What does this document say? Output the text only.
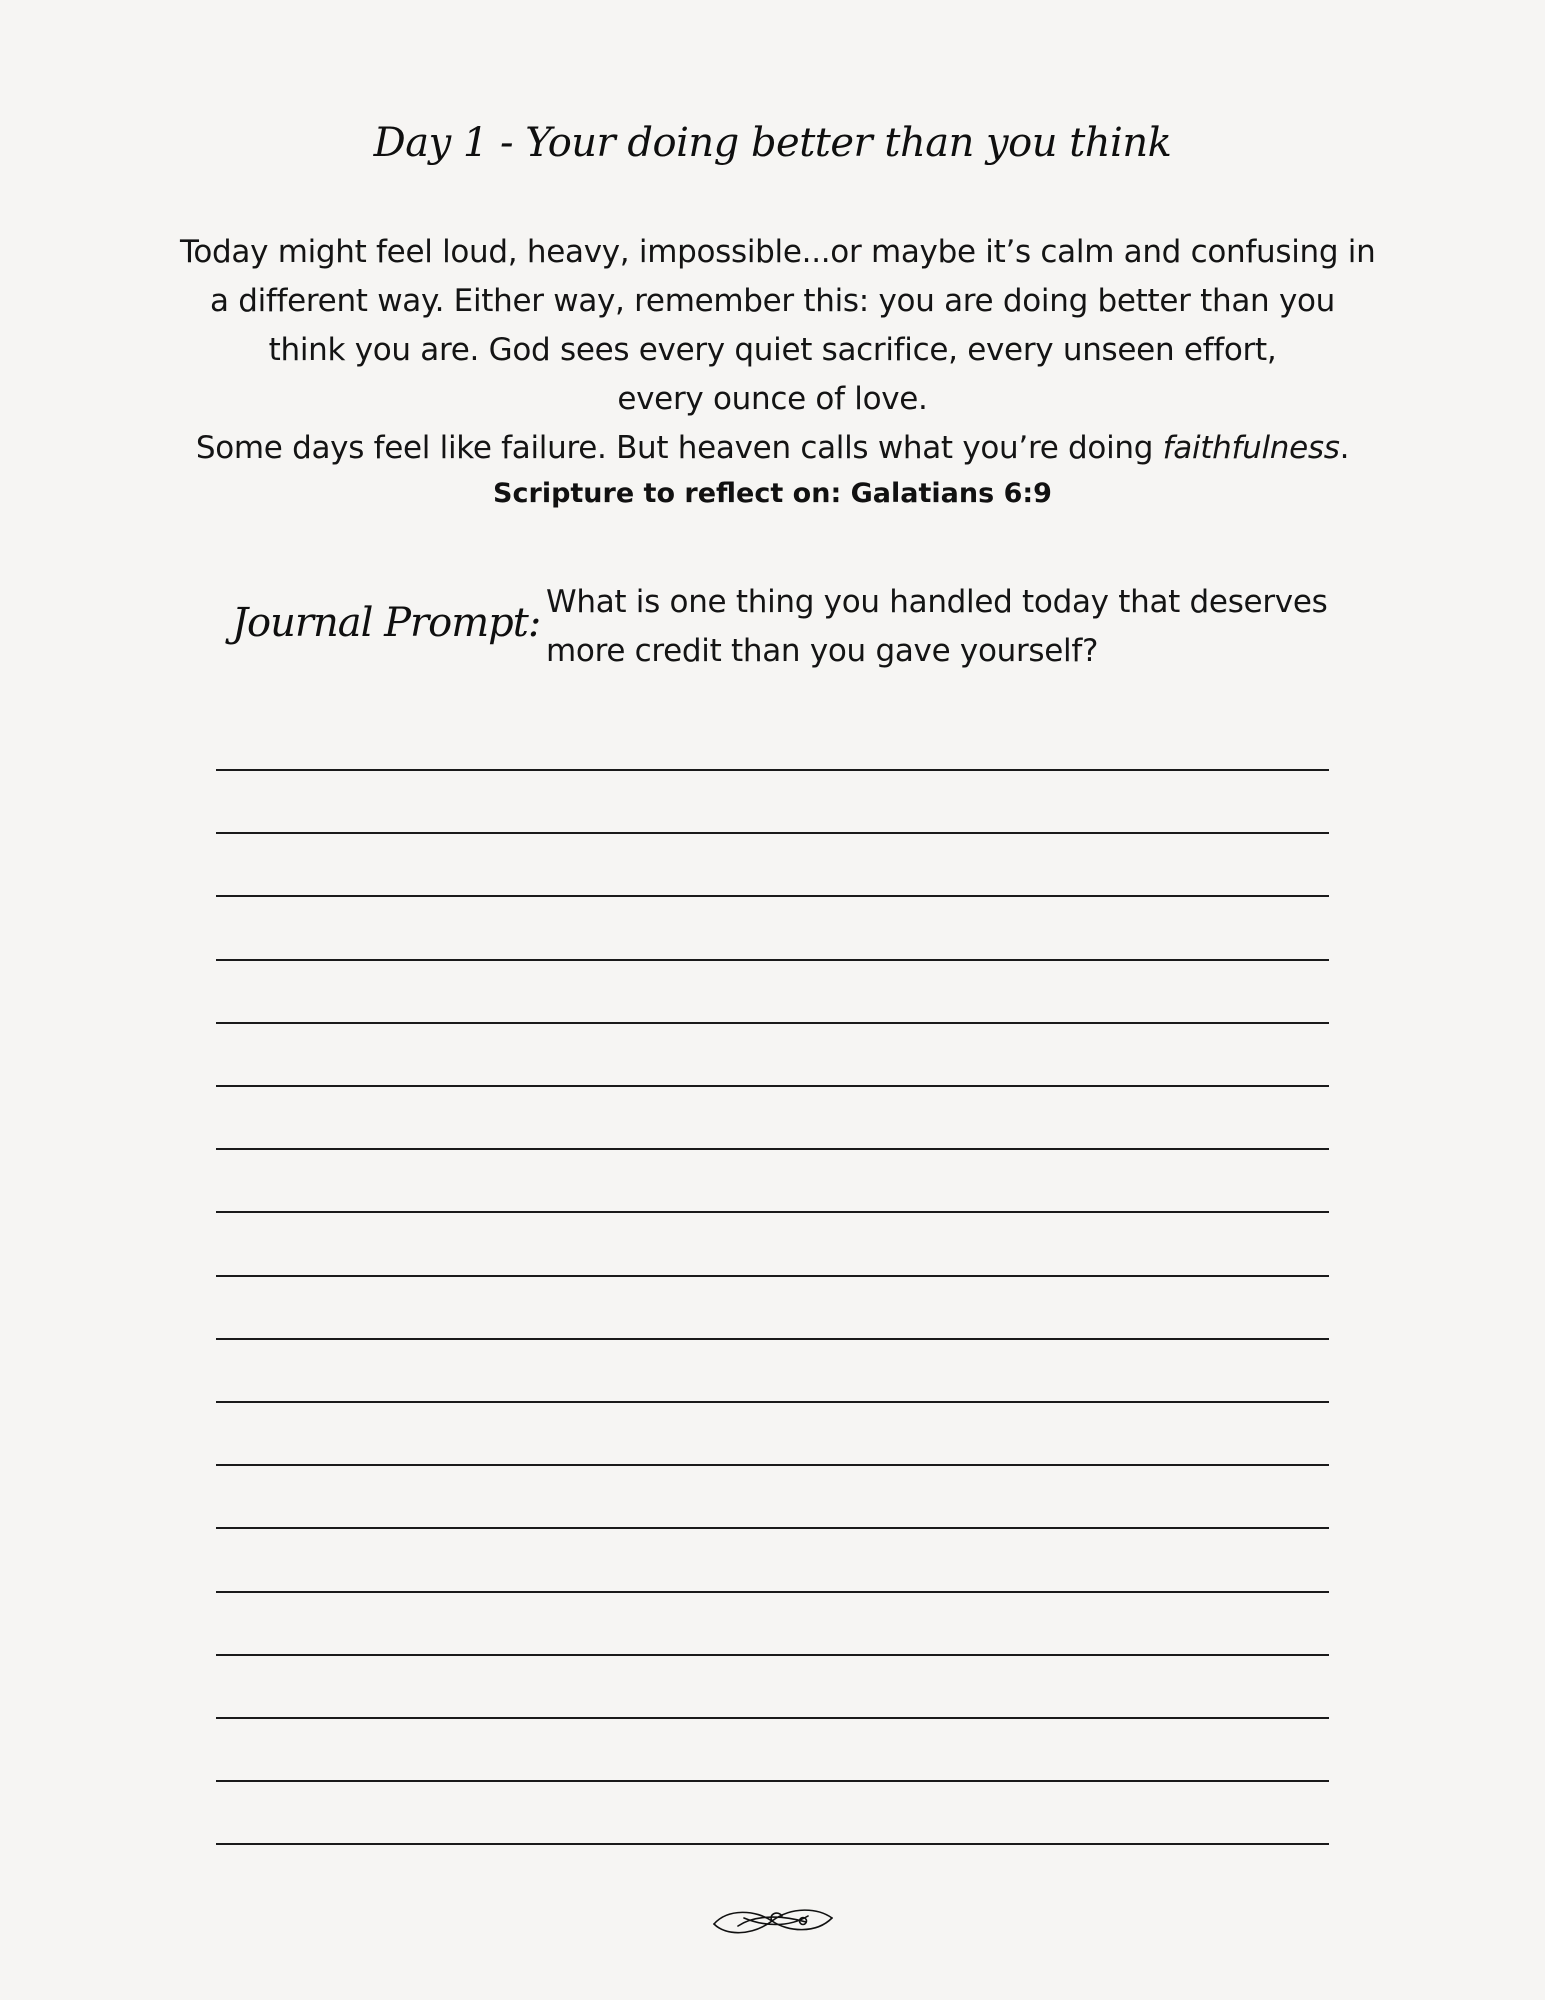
Day 1 - Your doing better than you think
Today might feel loud, heavy, impossible...or maybe it’s calm and confusing in
a different way. Either way, remember this: you are doing better than you
think you are. God sees every quiet sacrifice, every unseen effort,
every ounce of love.
Some days feel like failure. But heaven calls what you’re doing faithfulness.
Scripture to reflect on: Galatians 6:9
Journal Prompt: What is one thing you handled today that deserves
more credit than you gave yourself?
